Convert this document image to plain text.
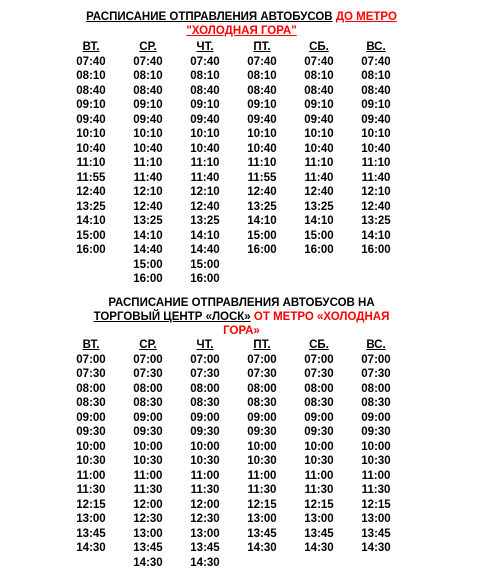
РАСПИСАНИЕ ОТПРАВЛЕНИЯ АВТОБУСОВ ДО МЕТРО
"ХОЛОДНАЯ ГОРА"
ВТ.
07:40
08:10
08:40
09:10
09:40
10:10
10:40
11:10
11:55
12:40
13:25
14:10
15:00
16:00
СР.
07:40
08:10
08:40
09:10
09:40
10:10
10:40
11:10
11:40
12:10
12:40
13:25
14:10
14:40
15:00
16:00
ЧТ.
07:40
08:10
08:40
09:10
09:40
10:10
10:40
11:10
11:40
12:10
12:40
13:25
14:10
14:40
15:00
16:00
ПТ.
07:40
08:10
08:40
09:10
09:40
10:10
10:40
11:10
11:55
12:40
13:25
14:10
15:00
16:00
СБ.
07:40
08:10
08:40
09:10
09:40
10:10
10:40
11:10
11:40
12:40
13:25
14:10
15:00
16:00
ВС.
07:40
08:10
08:40
09:10
09:40
10:10
10:40
11:10
11:40
12:10
12:40
13:25
14:10
16:00
РАСПИСАНИЕ ОТПРАВЛЕНИЯ АВТОБУСОВ НА
ТОРГОВЫЙ ЦЕНТР «ЛОСК» ОТ МЕТРО «ХОЛОДНАЯ
ГОРА»
ВТ.
07:00
07:30
08:00
08:30
09:00
09:30
10:00
10:30
11:00
11:30
12:15
13:00
13:45
14:30
СР.
07:00
07:30
08:00
08:30
09:00
09:30
10:00
10:30
11:00
11:30
12:00
12:30
13:00
13:45
14:30
ЧТ.
07:00
07:30
08:00
08:30
09:00
09:30
10:00
10:30
11:00
11:30
12:00
12:30
13:00
13:45
14:30
ПТ.
07:00
07:30
08:00
08:30
09:00
09:30
10:00
10:30
11:00
11:30
12:15
13:00
13:45
14:30
СБ.
07:00
07:30
08:00
08:30
09:00
09:30
10:00
10:30
11:00
11:30
12:15
13:00
13:45
14:30
ВС.
07:00
07:30
08:00
08:30
09:00
09:30
10:00
10:30
11:00
11:30
12:15
13:00
13:45
14:30
